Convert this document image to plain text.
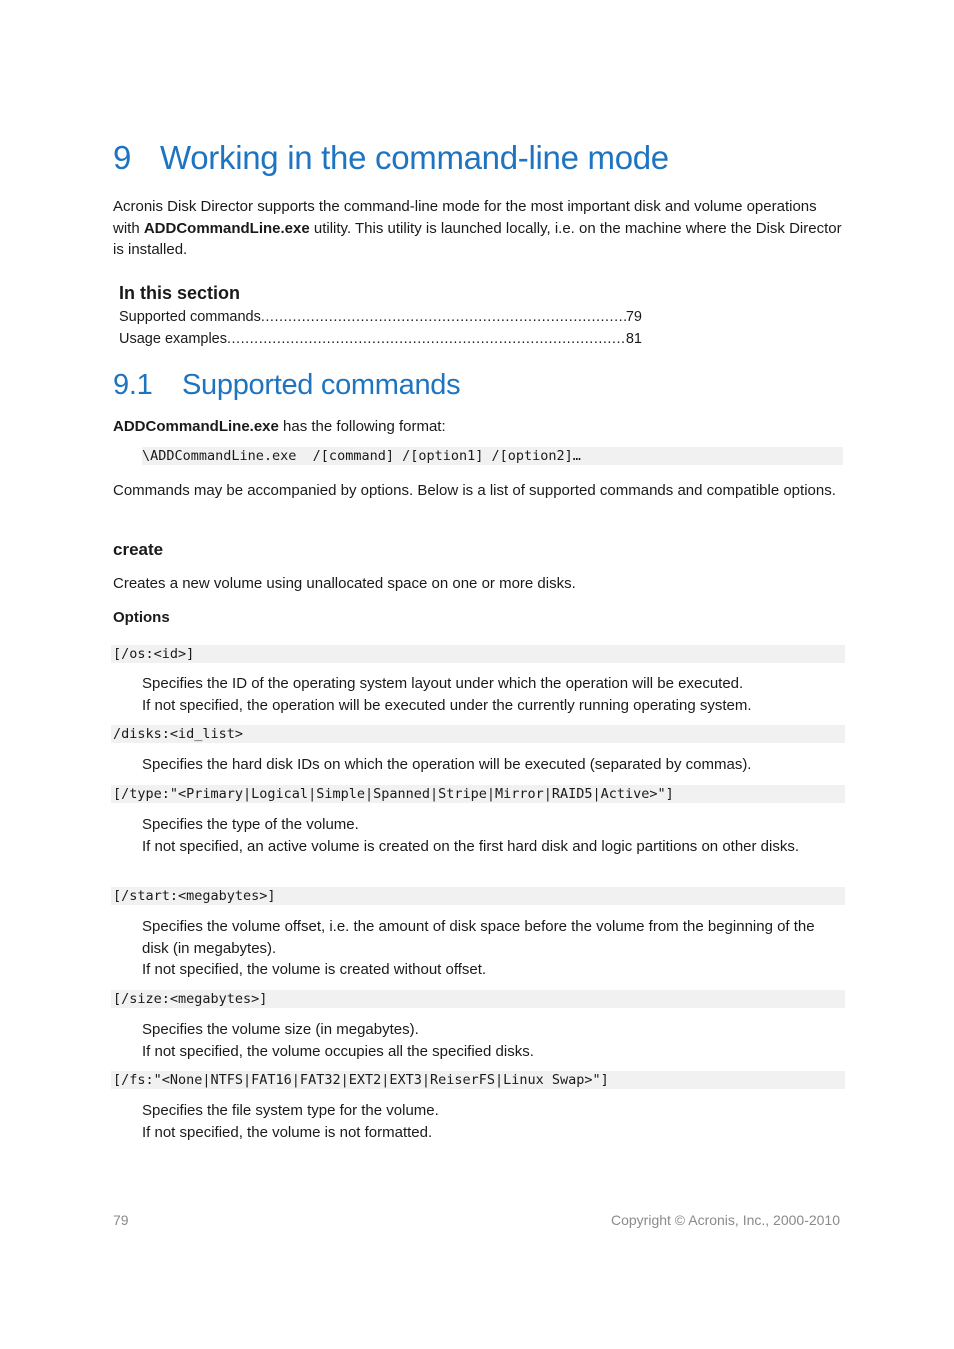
9 Working in the command-line mode
Acronis Disk Director supports the command-line mode for the most important disk and volume operations with ADDCommandLine.exe utility. This utility is launched locally, i.e. on the machine where the Disk Director is installed.
In this section
Supported commands .....	79
Usage examples .....	81
9.1 Supported commands
ADDCommandLine.exe has the following format:
\ADDCommandLine.exe  /[command] /[option1] /[option2]…
Commands may be accompanied by options. Below is a list of supported commands and compatible options.
create
Creates a new volume using unallocated space on one or more disks.
Options
[/os:<id>]
Specifies the ID of the operating system layout under which the operation will be executed.
If not specified, the operation will be executed under the currently running operating system.
/disks:<id_list>
Specifies the hard disk IDs on which the operation will be executed (separated by commas).
[/type:"<Primary|Logical|Simple|Spanned|Stripe|Mirror|RAID5|Active>"]
Specifies the type of the volume.
If not specified, an active volume is created on the first hard disk and logic partitions on other disks.
[/start:<megabytes>]
Specifies the volume offset, i.e. the amount of disk space before the volume from the beginning of the disk (in megabytes).
If not specified, the volume is created without offset.
[/size:<megabytes>]
Specifies the volume size (in megabytes).
If not specified, the volume occupies all the specified disks.
[/fs:"<None|NTFS|FAT16|FAT32|EXT2|EXT3|ReiserFS|Linux Swap>"]
Specifies the file system type for the volume.
If not specified, the volume is not formatted.
79	Copyright © Acronis, Inc., 2000-2010
